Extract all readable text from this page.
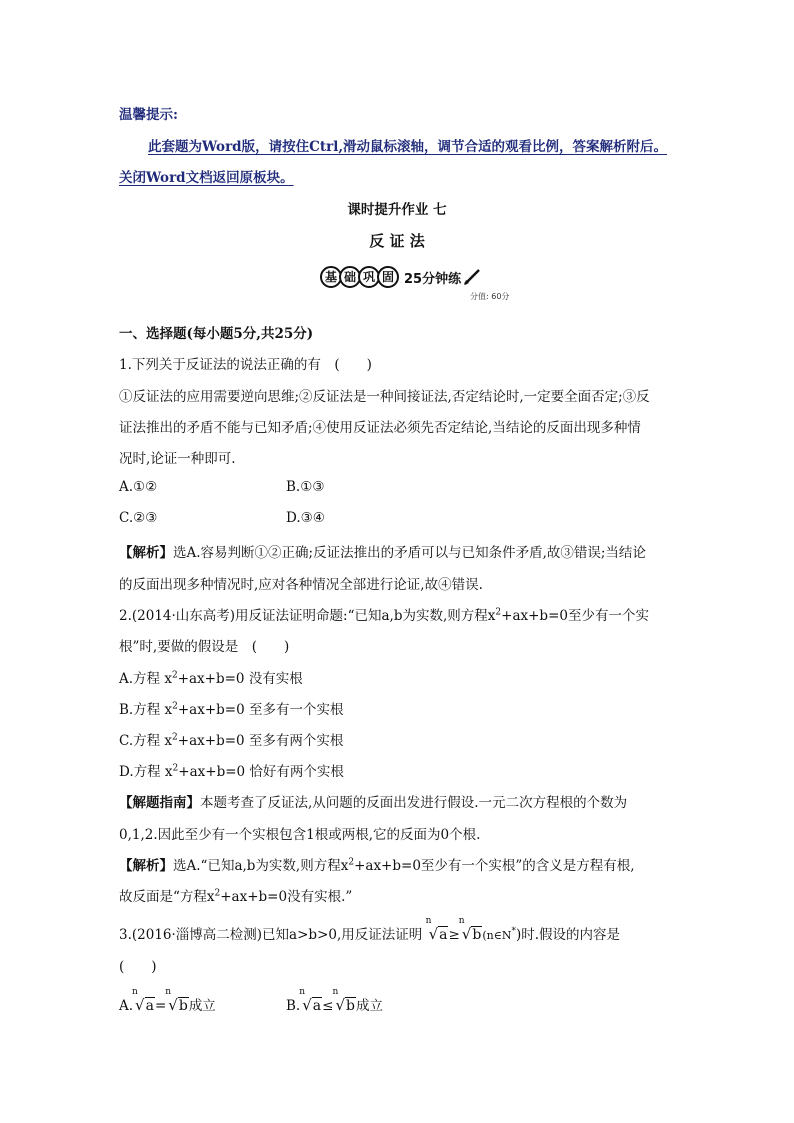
温馨提示:
此套题为Word版，请按住Ctrl,滑动鼠标滚轴，调节合适的观看比例，答案解析附后。
关闭Word文档返回原板块。
课时提升作业 七
反 证 法
基 础 巩 固 25分钟练
分值: 60分
一、选择题(每小题5分,共25分)
1.下列关于反证法的说法正确的有　(　　)
①反证法的应用需要逆向思维;②反证法是一种间接证法,否定结论时,一定要全面否定;③反
证法推出的矛盾不能与已知矛盾;④使用反证法必须先否定结论,当结论的反面出现多种情
况时,论证一种即可.
A.①②	B.①③
C.②③	D.③④
【解析】选A.容易判断①②正确;反证法推出的矛盾可以与已知条件矛盾,故③错误;当结论
的反面出现多种情况时,应对各种情况全部进行论证,故④错误.
2.(2014·山东高考)用反证法证明命题:“已知a,b为实数,则方程$x^2+ax+b=0$至少有一个实
根”时,要做的假设是　(　　)
A.方程 $x^2+ax+b=0$ 没有实根
B.方程 $x^2+ax+b=0$ 至多有一个实根
C.方程 $x^2+ax+b=0$ 至多有两个实根
D.方程 $x^2+ax+b=0$ 恰好有两个实根
【解题指南】本题考查了反证法,从问题的反面出发进行假设.一元二次方程根的个数为
0,1,2.因此至少有一个实根包含1根或两根,它的反面为0个根.
【解析】选A.“已知a,b为实数,则方程$x^2+ax+b=0$至少有一个实根”的含义是方程有根,
故反面是“方程$x^2+ax+b=0$没有实根.”
3.(2016·淄博高二检测)已知a>b>0,用反证法证明
n
√a≥
n
√b(n∈N*)时.假设的内容是
(　　)
A.
n
√a=
n
√b成立	B.
n
√a≤
n
√b成立
